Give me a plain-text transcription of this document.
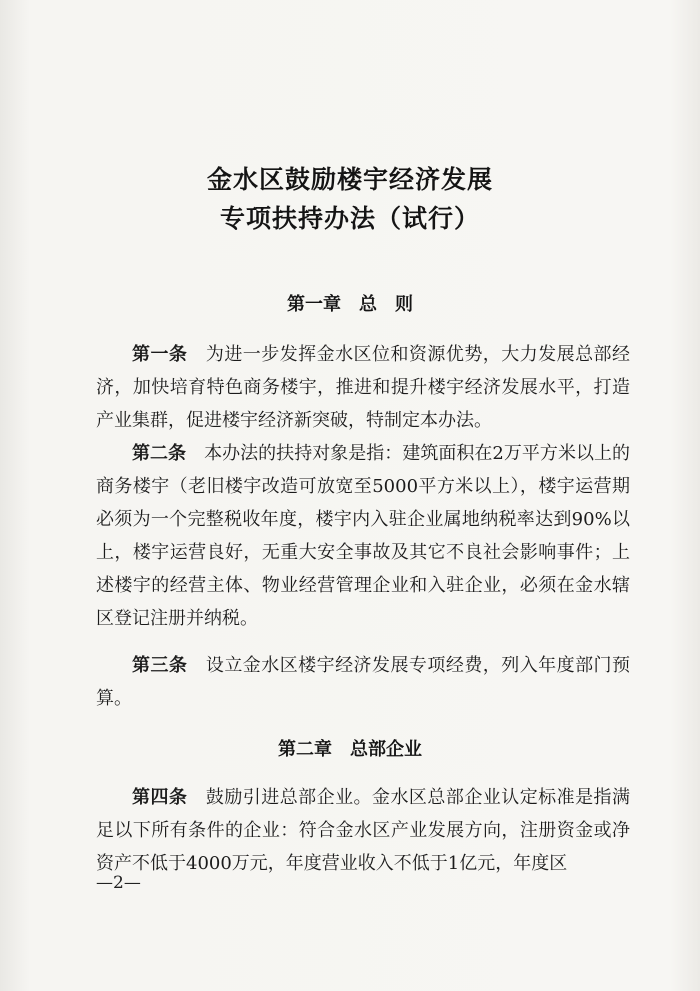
金水区鼓励楼宇经济发展
专项扶持办法（试行）
第一章　总　则

第一条　 为进一步发挥金水区位和资源优势，大力发展总部经济，加快培育特色商务楼宇，推进和提升楼宇经济发展水平，打造产业集群，促进楼宇经济新突破，特制定本办法。

第二条　 本办法的扶持对象是指：建筑面积在2万平方米以上的商务楼宇（老旧楼宇改造可放宽至5000平方米以上），楼宇运营期必须为一个完整税收年度，楼宇内入驻企业属地纳税率达到90%以上，楼宇运营良好，无重大安全事故及其它不良社会影响事件；上述楼宇的经营主体、物业经营管理企业和入驻企业，必须在金水辖区登记注册并纳税。

第三条　 设立金水区楼宇经济发展专项经费，列入年度部门预算。

第二章　总部企业

第四条　 鼓励引进总部企业。金水区总部企业认定标准是指满足以下所有条件的企业：符合金水区产业发展方向，注册资金或净资产不低于4000万元，年度营业收入不低于1亿元，年度区

—2—
